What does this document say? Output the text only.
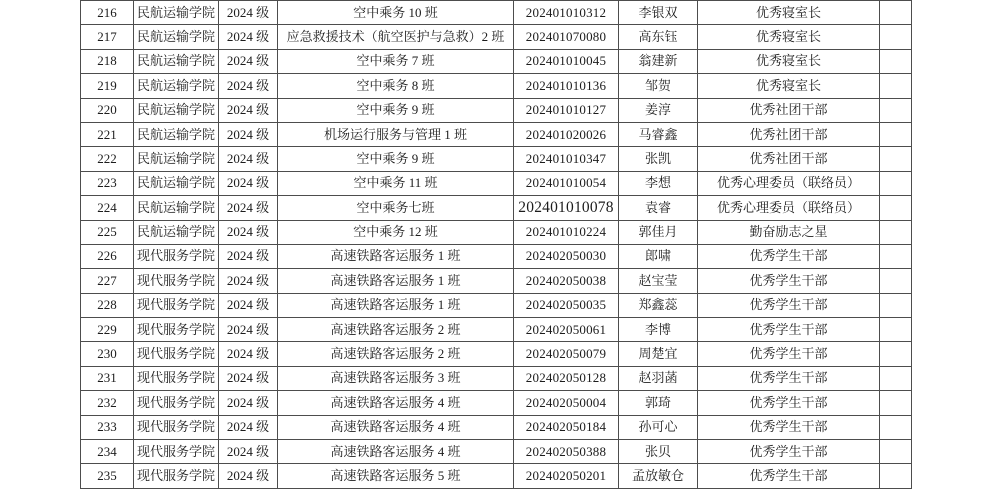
216	民航运输学院	2024 级	空中乘务 10 班	202401010312	李银双	优秀寝室长	
217	民航运输学院	2024 级	应急救援技术（航空医护与急救）2 班	202401070080	高东钰	优秀寝室长	
218	民航运输学院	2024 级	空中乘务 7 班	202401010045	翁建新	优秀寝室长	
219	民航运输学院	2024 级	空中乘务 8 班	202401010136	邹贺	优秀寝室长	
220	民航运输学院	2024 级	空中乘务 9 班	202401010127	姜淳	优秀社团干部	
221	民航运输学院	2024 级	机场运行服务与管理 1 班	202401020026	马睿鑫	优秀社团干部	
222	民航运输学院	2024 级	空中乘务 9 班	202401010347	张凯	优秀社团干部	
223	民航运输学院	2024 级	空中乘务 11 班	202401010054	李想	优秀心理委员（联络员）	
224	民航运输学院	2024 级	空中乘务七班	202401010078	袁睿	优秀心理委员（联络员）	
225	民航运输学院	2024 级	空中乘务 12 班	202401010224	郭佳月	勤奋励志之星	
226	现代服务学院	2024 级	高速铁路客运服务 1 班	202402050030	郎啸	优秀学生干部	
227	现代服务学院	2024 级	高速铁路客运服务 1 班	202402050038	赵宝莹	优秀学生干部	
228	现代服务学院	2024 级	高速铁路客运服务 1 班	202402050035	郑鑫蕊	优秀学生干部	
229	现代服务学院	2024 级	高速铁路客运服务 2 班	202402050061	李博	优秀学生干部	
230	现代服务学院	2024 级	高速铁路客运服务 2 班	202402050079	周楚宜	优秀学生干部	
231	现代服务学院	2024 级	高速铁路客运服务 3 班	202402050128	赵羽菡	优秀学生干部	
232	现代服务学院	2024 级	高速铁路客运服务 4 班	202402050004	郭琦	优秀学生干部	
233	现代服务学院	2024 级	高速铁路客运服务 4 班	202402050184	孙可心	优秀学生干部	
234	现代服务学院	2024 级	高速铁路客运服务 4 班	202402050388	张贝	优秀学生干部	
235	现代服务学院	2024 级	高速铁路客运服务 5 班	202402050201	孟放敏仓	优秀学生干部	
